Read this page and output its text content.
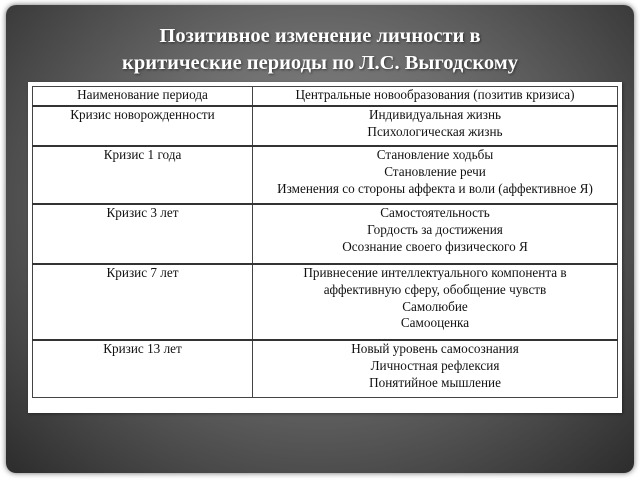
Позитивное изменение личности в
критические периоды по Л.С. Выгодскому
Наименование периода	Центральные новообразования (позитив кризиса)
Кризис новорожденности	Индивидуальная жизнь
Психологическая жизнь

Кризис 1 года	Становление ходьбы
Становление речи
Изменения со стороны аффекта и воли (аффективное Я)

Кризис 3 лет	Самостоятельность
Гордость за достижения
Осознание своего физического Я

Кризис 7 лет	Привнесение интеллектуального компонента в
аффективную сферу, обобщение чувств
Самолюбие
Самооценка

Кризис 13 лет	Новый уровень самосознания
Личностная рефлексия
Понятийное мышление
